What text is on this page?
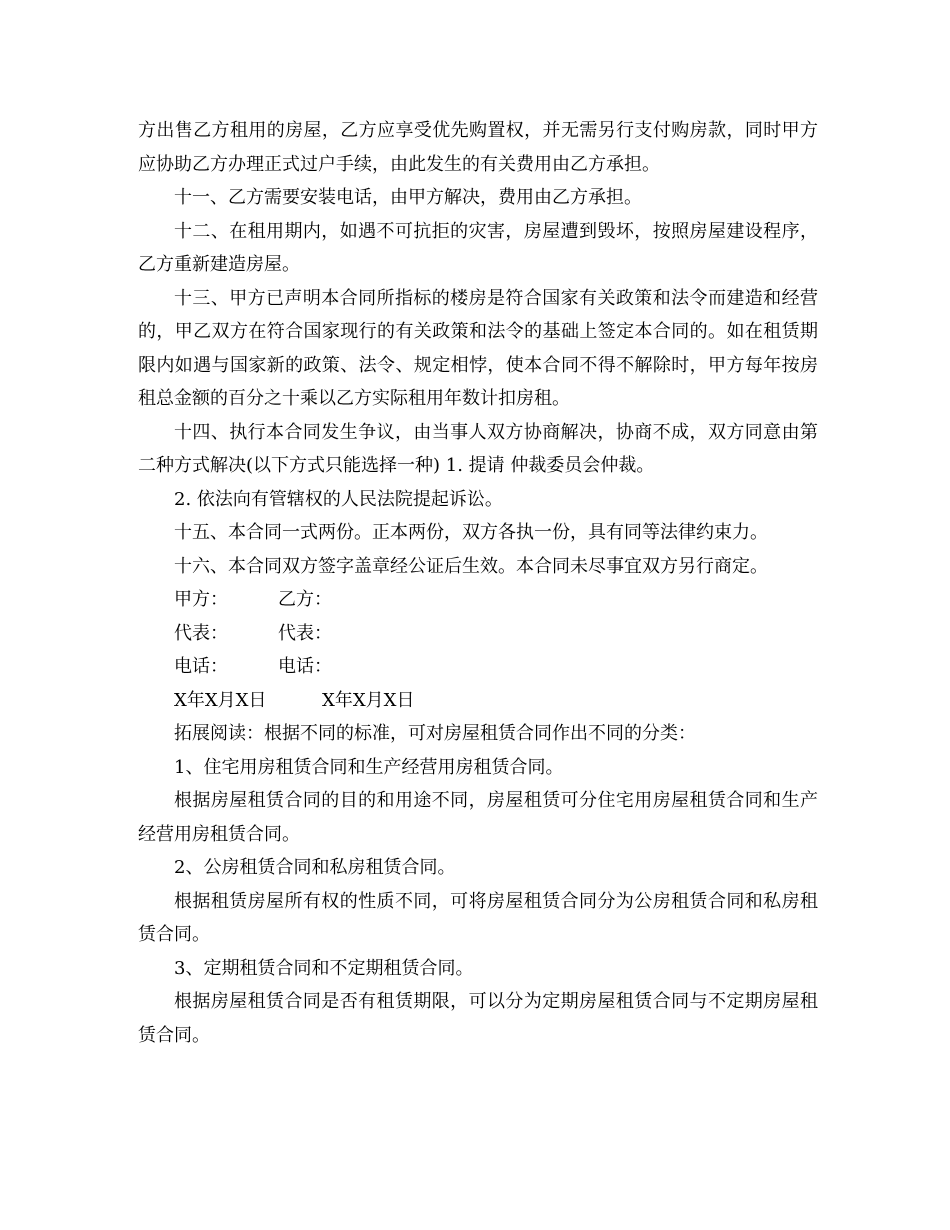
方出售乙方租用的房屋，乙方应享受优先购置权，并无需另行支付购房款，同时甲方应协助乙方办理正式过户手续，由此发生的有关费用由乙方承担。

十一、乙方需要安装电话，由甲方解决，费用由乙方承担。

十二、在租用期内，如遇不可抗拒的灾害，房屋遭到毁坏，按照房屋建设程序，乙方重新建造房屋。

十三、甲方已声明本合同所指标的楼房是符合国家有关政策和法令而建造和经营的，甲乙双方在符合国家现行的有关政策和法令的基础上签定本合同的。如在租赁期限内如遇与国家新的政策、法令、规定相悖，使本合同不得不解除时，甲方每年按房租总金额的百分之十乘以乙方实际租用年数计扣房租。

十四、执行本合同发生争议，由当事人双方协商解决，协商不成，双方同意由第二种方式解决(以下方式只能选择一种) 1. 提请 仲裁委员会仲裁。

2. 依法向有管辖权的人民法院提起诉讼。

十五、本合同一式两份。正本两份，双方各执一份，具有同等法律约束力。

十六、本合同双方签字盖章经公证后生效。本合同未尽事宜双方另行商定。

甲方：	乙方：
代表：	代表：
电话：	电话：
X年X月X日	X年X月X日

拓展阅读：根据不同的标准，可对房屋租赁合同作出不同的分类：

1、住宅用房租赁合同和生产经营用房租赁合同。

根据房屋租赁合同的目的和用途不同，房屋租赁可分住宅用房屋租赁合同和生产经营用房租赁合同。

2、公房租赁合同和私房租赁合同。

根据租赁房屋所有权的性质不同，可将房屋租赁合同分为公房租赁合同和私房租赁合同。

3、定期租赁合同和不定期租赁合同。

根据房屋租赁合同是否有租赁期限，可以分为定期房屋租赁合同与不定期房屋租赁合同。
